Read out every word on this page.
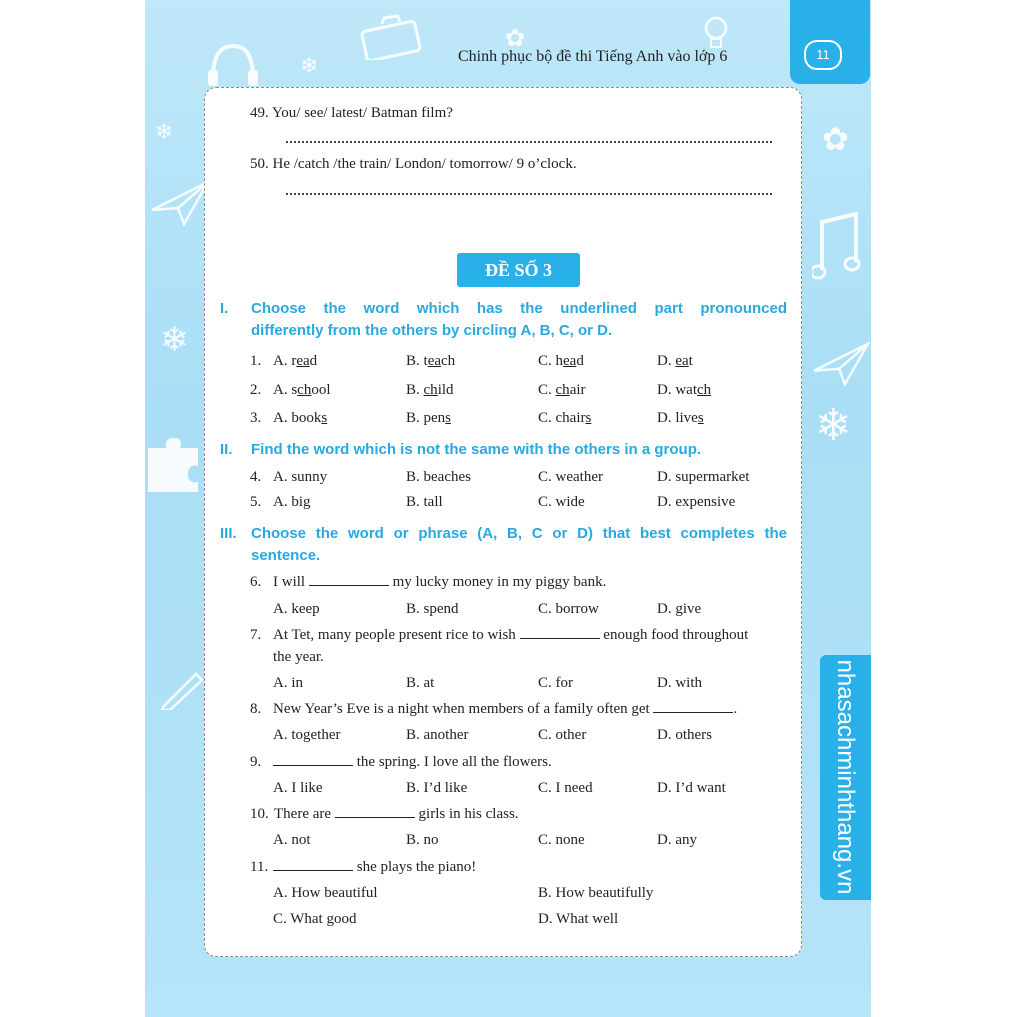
❄
❄
❄
❄
✿
✿
Chinh phục bộ đề thi Tiếng Anh vào lớp 6	11
nhasachminhthang.vn
49. You/ see/ latest/ Batman film?
50. He /catch /the train/ London/ tomorrow/ 9 o’clock.
ĐỀ SỐ 3
I. Choose the word which has the underlined part pronounced
differently from the others by circling A, B, C, or D.
1. A. read	B. teach	C. head	D. eat
2. A. school	B. child	C. chair	D. watch
3. A. books	B. pens	C. chairs	D. lives
II. Find the word which is not the same with the others in a group.
4. A. sunny	B. beaches	C. weather	D. supermarket
5. A. big	B. tall	C. wide	D. expensive
III. Choose the word or phrase (A, B, C or D) that best completes the
sentence.
6. I will	my lucky money in my piggy bank.
A. keep	B. spend	C. borrow	D. give
7. At Tet, many people present rice to wish	enough food throughout
the year.
A. in	B. at	C. for	D. with
8. New Year’s Eve is a night when members of a family often get	.
A. together	B. another	C. other	D. others
9.	the spring. I love all the flowers.
A. I like	B. I’d like	C. I need	D. I’d want
10. There are	girls in his class.
A. not	B. no	C. none	D. any
11.	she plays the piano!
A. How beautiful	B. How beautifully
C. What good	D. What well
